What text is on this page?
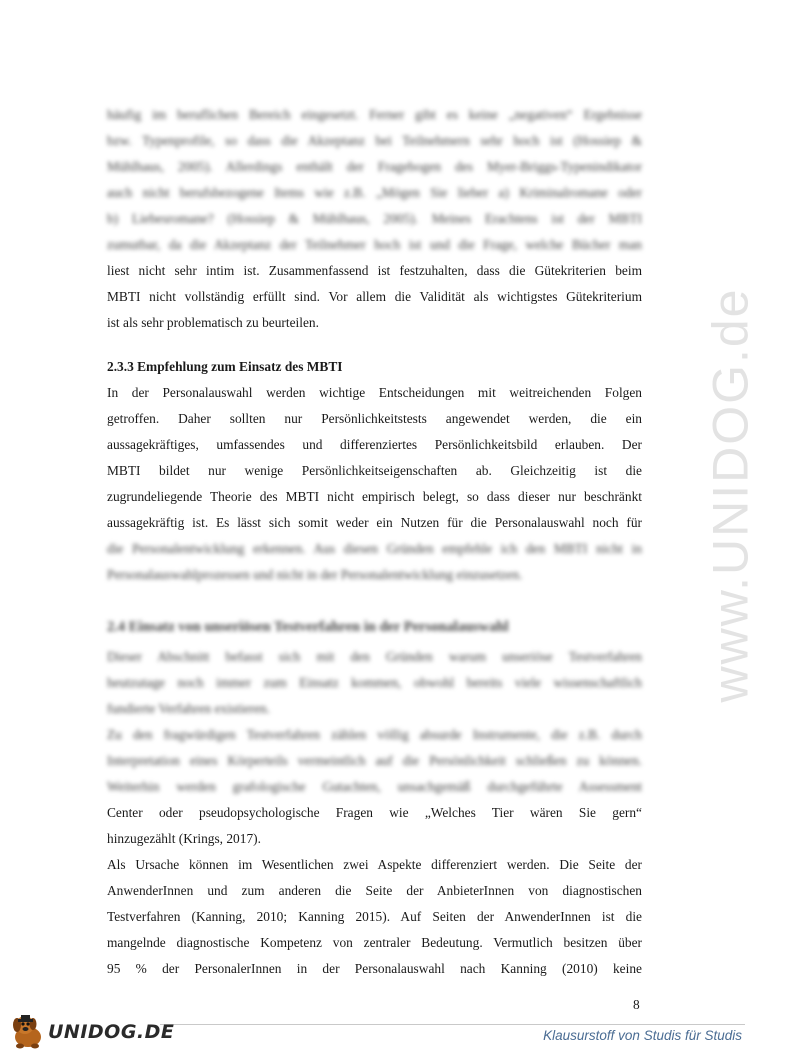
www.UNIDOG.de
häufig im beruflichen Bereich eingesetzt. Ferner gibt es keine „negativen“ Ergebnisse
bzw. Typenprofile, so dass die Akzeptanz bei Teilnehmern sehr hoch ist (Hossiep &
Mühlhaus, 2005). Allerdings enthält der Fragebogen des Myer-Briggs-Typenindikator
auch nicht berufsbezogene Items wie z.B. „Mögen Sie lieber a) Kriminalromane oder
b) Liebesromane? (Hossiep & Mühlhaus, 2005). Meines Erachtens ist der MBTI
zumutbar, da die Akzeptanz der Teilnehmer hoch ist und die Frage, welche Bücher man
liest nicht sehr intim ist. Zusammenfassend ist festzuhalten, dass die Gütekriterien beim
MBTI nicht vollständig erfüllt sind. Vor allem die Validität als wichtigstes Gütekriterium
ist als sehr problematisch zu beurteilen.
2.3.3 Empfehlung zum Einsatz des MBTI
In der Personalauswahl werden wichtige Entscheidungen mit weitreichenden Folgen
getroffen. Daher sollten nur Persönlichkeitstests angewendet werden, die ein
aussagekräftiges, umfassendes und differenziertes Persönlichkeitsbild erlauben. Der
MBTI bildet nur wenige Persönlichkeitseigenschaften ab. Gleichzeitig ist die
zugrundeliegende Theorie des MBTI nicht empirisch belegt, so dass dieser nur beschränkt
aussagekräftig ist. Es lässt sich somit weder ein Nutzen für die Personalauswahl noch für
die Personalentwicklung erkennen. Aus diesen Gründen empfehle ich den MBTI nicht in
Personalauswahlprozessen und nicht in der Personalentwicklung einzusetzen.
2.4 Einsatz von unseriösen Testverfahren in der Personalauswahl
Dieser Abschnitt befasst sich mit den Gründen warum unseriöse Testverfahren
heutzutage noch immer zum Einsatz kommen, obwohl bereits viele wissenschaftlich
fundierte Verfahren existieren.
Zu den fragwürdigen Testverfahren zählen völlig absurde Instrumente, die z.B. durch
Interpretation eines Körperteils vermeintlich auf die Persönlichkeit schließen zu können.
Weiterhin werden grafologische Gutachten, unsachgemäß durchgeführte Assessment
Center oder pseudopsychologische Fragen wie „Welches Tier wären Sie gern“
hinzugezählt (Krings, 2017).
Als Ursache können im Wesentlichen zwei Aspekte differenziert werden. Die Seite der
AnwenderInnen und zum anderen die Seite der AnbieterInnen von diagnostischen
Testverfahren (Kanning, 2010; Kanning 2015). Auf Seiten der AnwenderInnen ist die
mangelnde diagnostische Kompetenz von zentraler Bedeutung. Vermutlich besitzen über
95 % der PersonalerInnen in der Personalauswahl nach Kanning (2010) keine
8
UNIDOG.DE	Klausurstoff von Studis für Studis
